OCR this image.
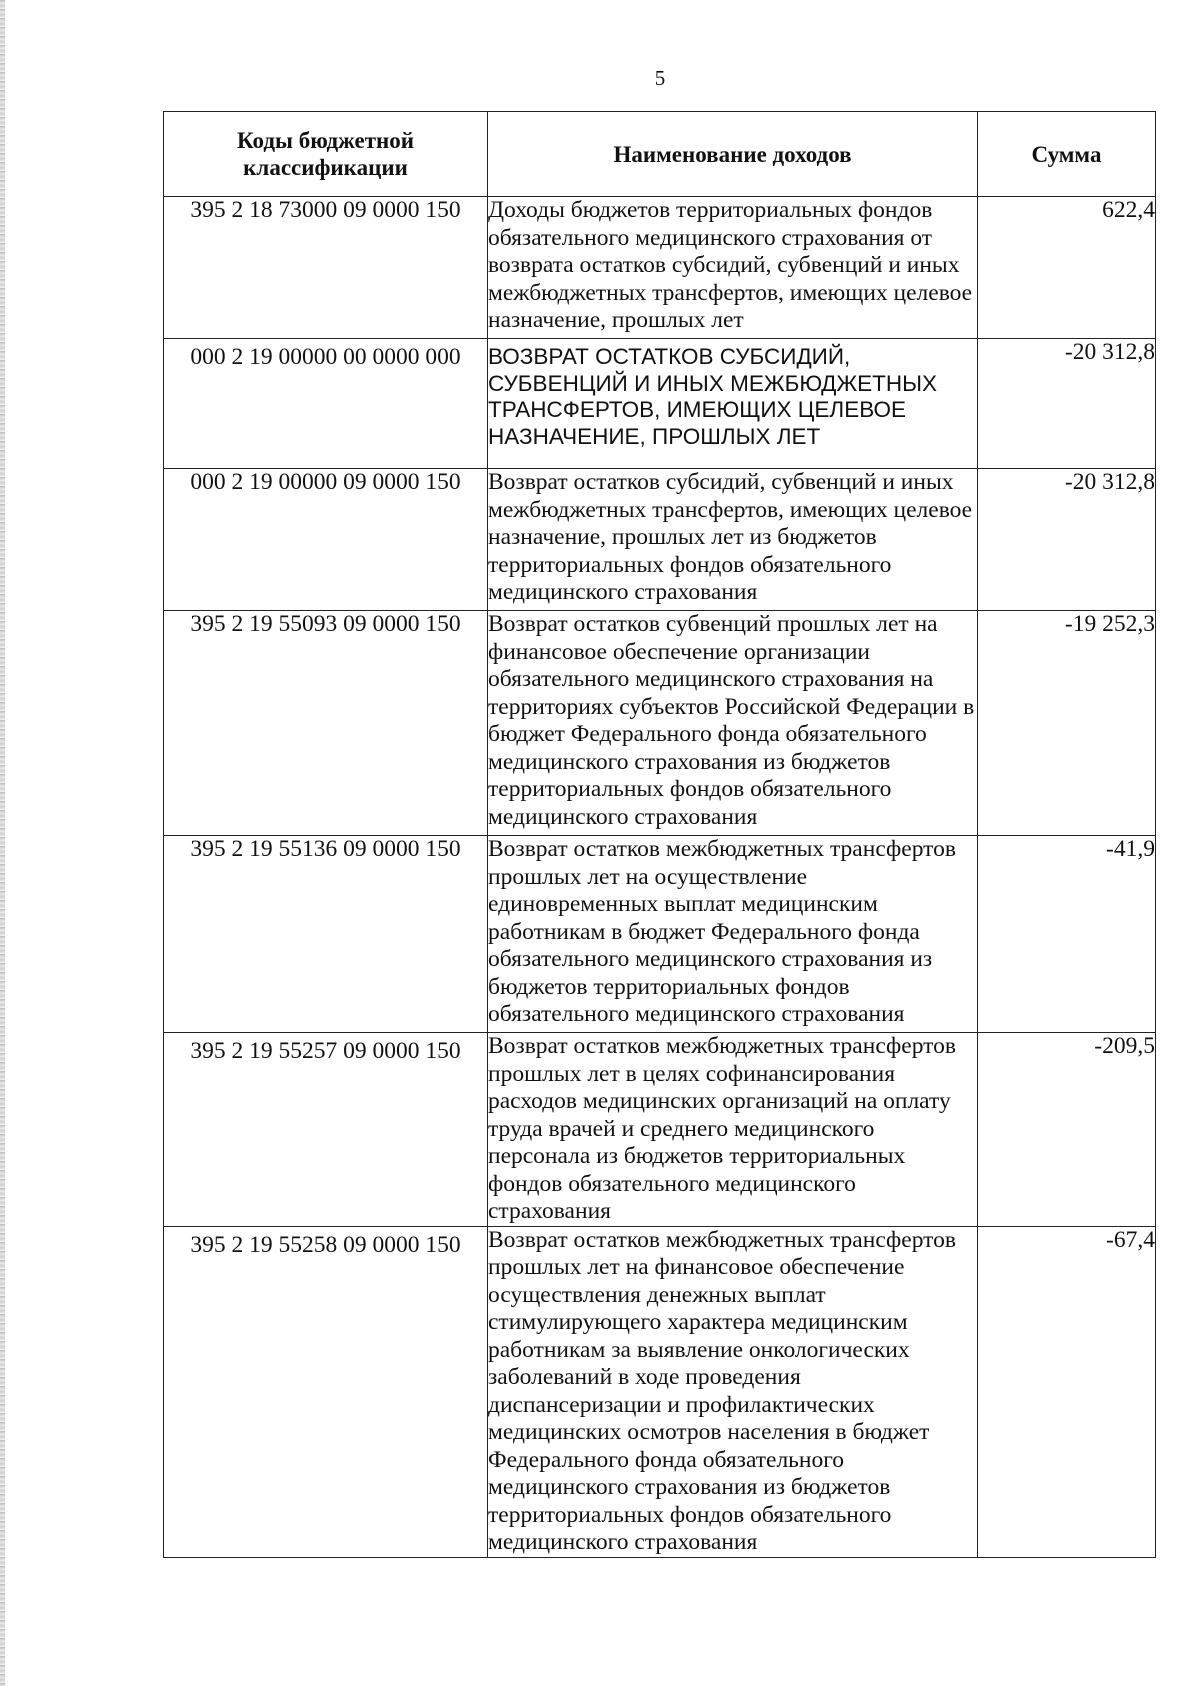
5
Коды бюджетной классификации	Наименование доходов	Сумма
395 2 18 73000 09 0000 150	Доходы бюджетов территориальных фондов обязательного медицинского страхования от возврата остатков субсидий, субвенций и иных межбюджетных трансфертов, имеющих целевое назначение, прошлых лет	622,4
000 2 19 00000 00 0000 000	ВОЗВРАТ ОСТАТКОВ СУБСИДИЙ, СУБВЕНЦИЙ И ИНЫХ МЕЖБЮДЖЕТНЫХ ТРАНСФЕРТОВ, ИМЕЮЩИХ ЦЕЛЕВОЕ НАЗНАЧЕНИЕ, ПРОШЛЫХ ЛЕТ	-20 312,8
000 2 19 00000 09 0000 150	Возврат остатков субсидий, субвенций и иных межбюджетных трансфертов, имеющих целевое назначение, прошлых лет из бюджетов территориальных фондов обязательного медицинского страхования	-20 312,8
395 2 19 55093 09 0000 150	Возврат остатков субвенций прошлых лет на финансовое обеспечение организации обязательного медицинского страхования на территориях субъектов Российской Федерации в бюджет Федерального фонда обязательного медицинского страхования из бюджетов территориальных фондов обязательного медицинского страхования	-19 252,3
395 2 19 55136 09 0000 150	Возврат остатков межбюджетных трансфертов прошлых лет на осуществление единовременных выплат медицинским работникам в бюджет Федерального фонда обязательного медицинского страхования из бюджетов территориальных фондов обязательного медицинского страхования	-41,9
395 2 19 55257 09 0000 150	Возврат остатков межбюджетных трансфертов прошлых лет в целях софинансирования расходов медицинских организаций на оплату труда врачей и среднего медицинского персонала из бюджетов территориальных фондов обязательного медицинского страхования	-209,5
395 2 19 55258 09 0000 150	Возврат остатков межбюджетных трансфертов прошлых лет на финансовое обеспечение осуществления денежных выплат стимулирующего характера медицинским работникам за выявление онкологических заболеваний в ходе проведения диспансеризации и профилактических медицинских осмотров населения в бюджет Федерального фонда обязательного медицинского страхования из бюджетов территориальных фондов обязательного медицинского страхования	-67,4
